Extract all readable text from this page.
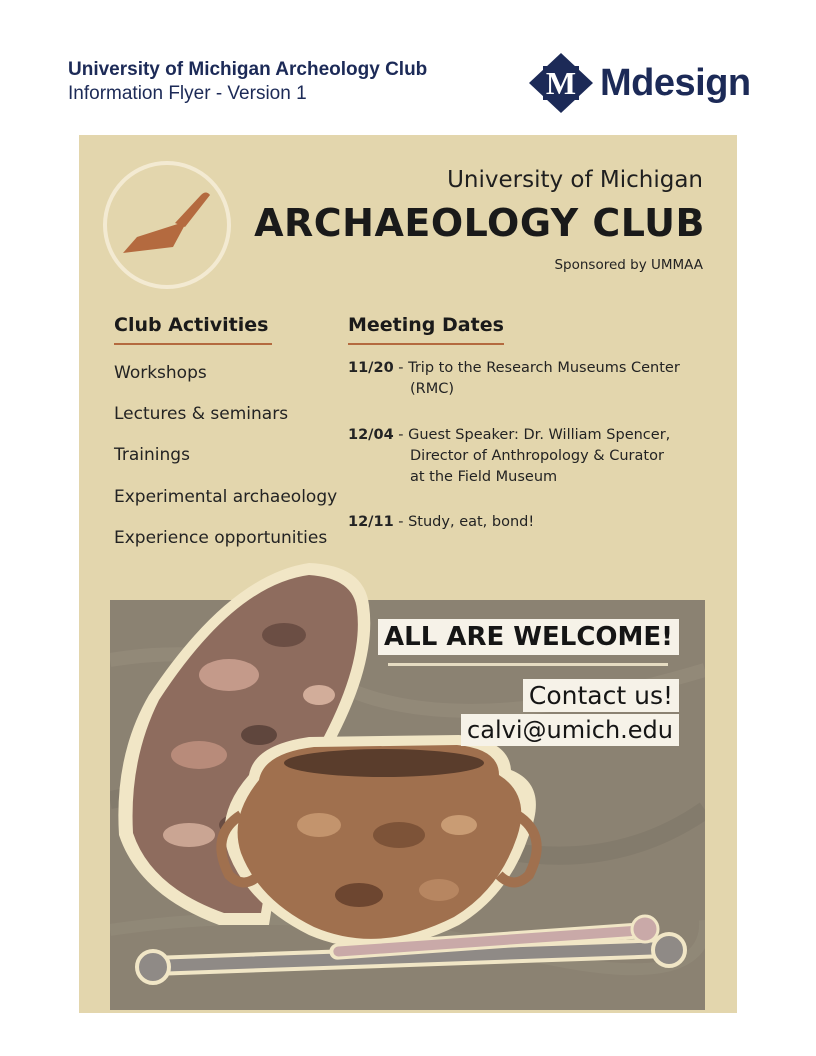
University of Michigan Archeology Club
Information Flyer - Version 1	M Mdesign
University of Michigan
ARCHAEOLOGY CLUB
Sponsored by UMMAA
Club Activities	Meeting Dates
Workshops
Lectures & seminars
Trainings
Experimental archaeology
Experience opportunities
11/20 - Trip to the Research Museums Center
(RMC)
12/04 - Guest Speaker: Dr. William Spencer,
Director of Anthropology & Curator
at the Field Museum
12/11 - Study, eat, bond!
ALL ARE WELCOME!
Contact us!
calvi@umich.edu
